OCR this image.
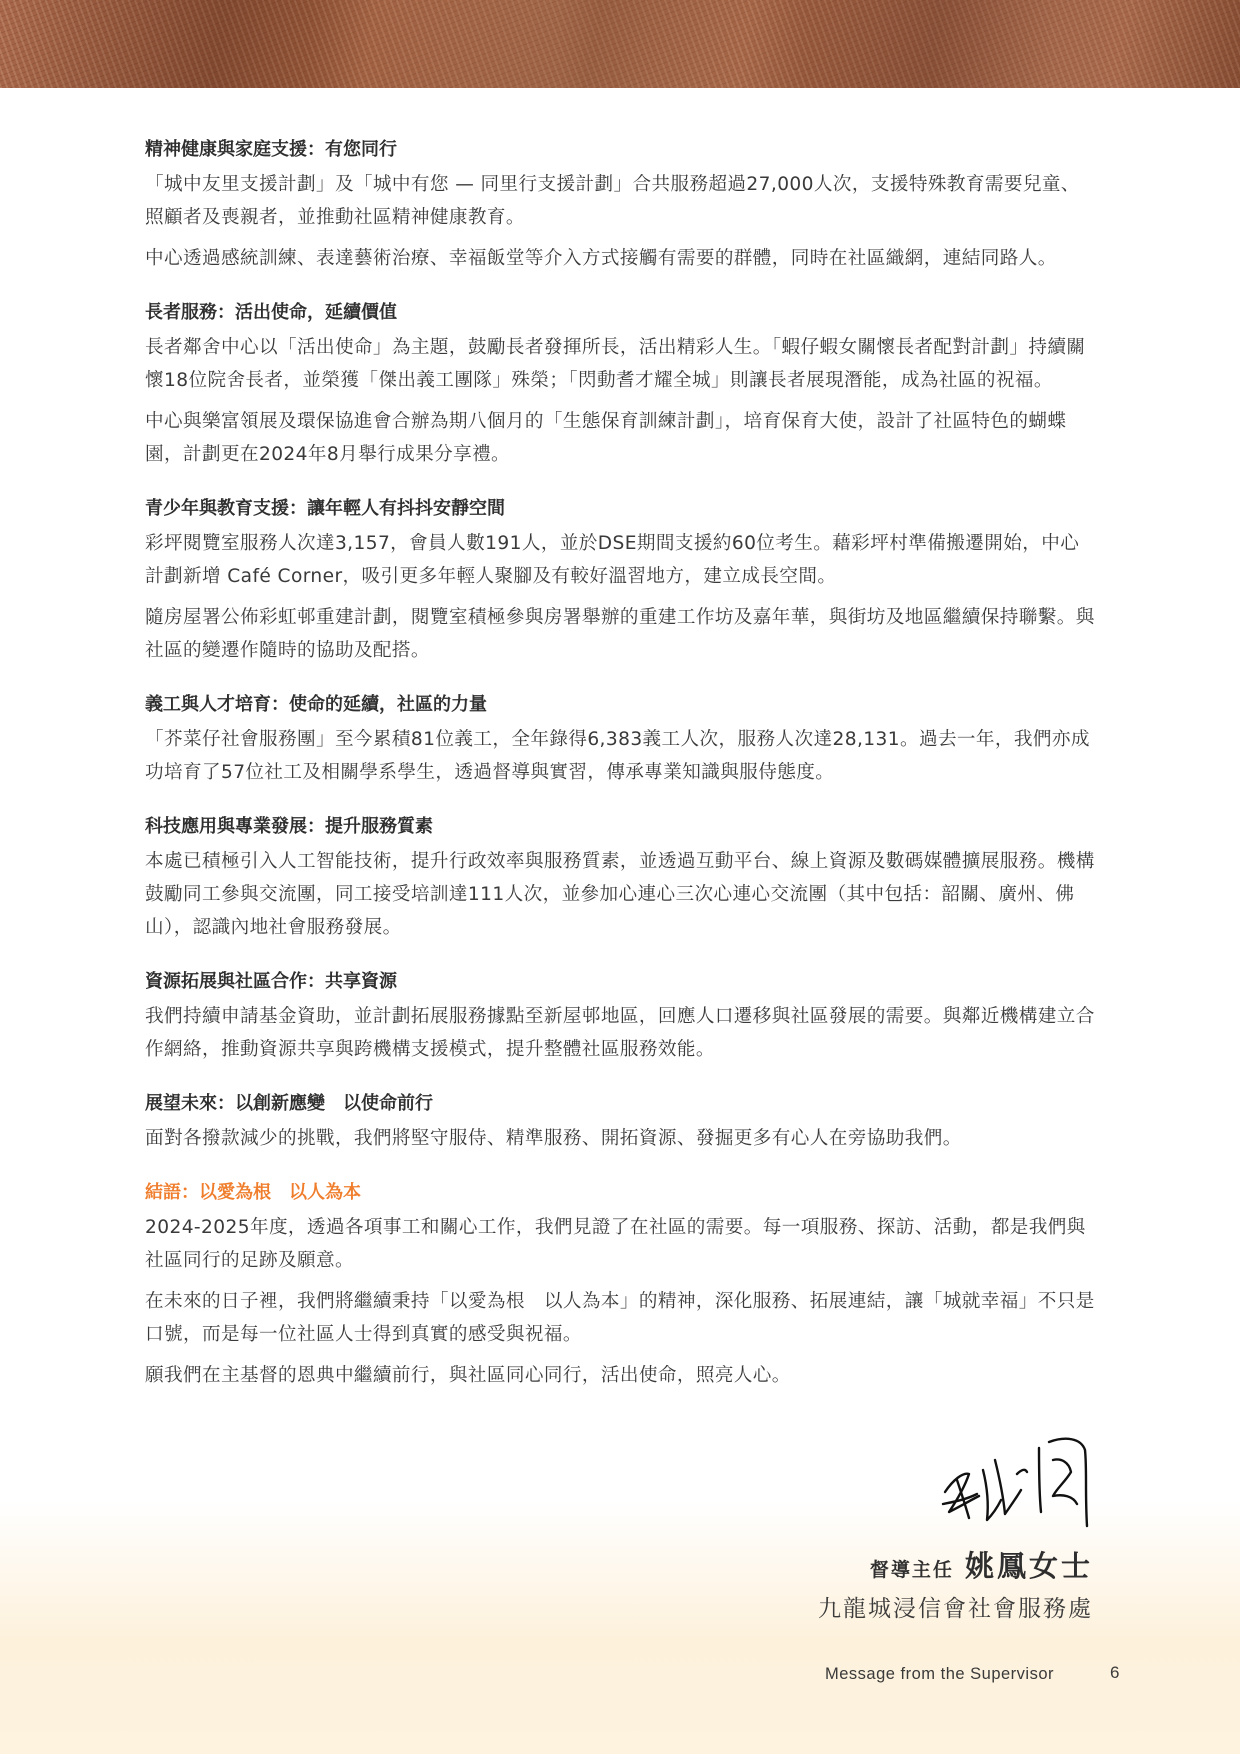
精神健康與家庭支援：有您同行

「城中友里支援計劃」及「城中有您 — 同里行支援計劃」合共服務超過27,000人次，支援特殊教育需要兒童、照顧者及喪親者，並推動社區精神健康教育。

中心透過感統訓練、表達藝術治療、幸福飯堂等介入方式接觸有需要的群體，同時在社區織網，連結同路人。

長者服務：活出使命，延續價值

長者鄰舍中心以「活出使命」為主題，鼓勵長者發揮所長，活出精彩人生。「蝦仔蝦女關懷長者配對計劃」持續關懷18位院舍長者，並榮獲「傑出義工團隊」殊榮；「閃動耆才耀全城」則讓長者展現潛能，成為社區的祝福。

中心與樂富領展及環保協進會合辦為期八個月的「生態保育訓練計劃」，培育保育大使，設計了社區特色的蝴蝶園，計劃更在2024年8月舉行成果分享禮。

青少年與教育支援：讓年輕人有抖抖安靜空間

彩坪閱覽室服務人次達3,157，會員人數191人，並於DSE期間支援約60位考生。藉彩坪村準備搬遷開始，中心計劃新增 Café Corner，吸引更多年輕人聚腳及有較好溫習地方，建立成長空間。

隨房屋署公佈彩虹邨重建計劃，閱覽室積極參與房署舉辦的重建工作坊及嘉年華，與街坊及地區繼續保持聯繫。與社區的變遷作隨時的協助及配搭。

義工與人才培育：使命的延續，社區的力量

「芥菜仔社會服務團」至今累積81位義工，全年錄得6,383義工人次，服務人次達28,131。過去一年，我們亦成功培育了57位社工及相關學系學生，透過督導與實習，傳承專業知識與服侍態度。

科技應用與專業發展：提升服務質素

本處已積極引入人工智能技術，提升行政效率與服務質素，並透過互動平台、線上資源及數碼媒體擴展服務。機構鼓勵同工參與交流團，同工接受培訓達111人次，並參加心連心三次心連心交流團（其中包括：韶關、廣州、佛山），認識內地社會服務發展。

資源拓展與社區合作：共享資源

我們持續申請基金資助，並計劃拓展服務據點至新屋邨地區，回應人口遷移與社區發展的需要。與鄰近機構建立合作網絡，推動資源共享與跨機構支援模式，提升整體社區服務效能。

展望未來：以創新應變　以使命前行

面對各撥款減少的挑戰，我們將堅守服侍、精準服務、開拓資源、發掘更多有心人在旁協助我們。

結語：以愛為根　以人為本

2024-2025年度，透過各項事工和關心工作，我們見證了在社區的需要。每一項服務、探訪、活動，都是我們與社區同行的足跡及願意。

在未來的日子裡，我們將繼續秉持「以愛為根　以人為本」的精神，深化服務、拓展連結，讓「城就幸福」不只是口號，而是每一位社區人士得到真實的感受與祝福。

願我們在主基督的恩典中繼續前行，與社區同心同行，活出使命，照亮人心。

督導主任 姚鳳女士
九龍城浸信會社會服務處
Message from the Supervisor	6
